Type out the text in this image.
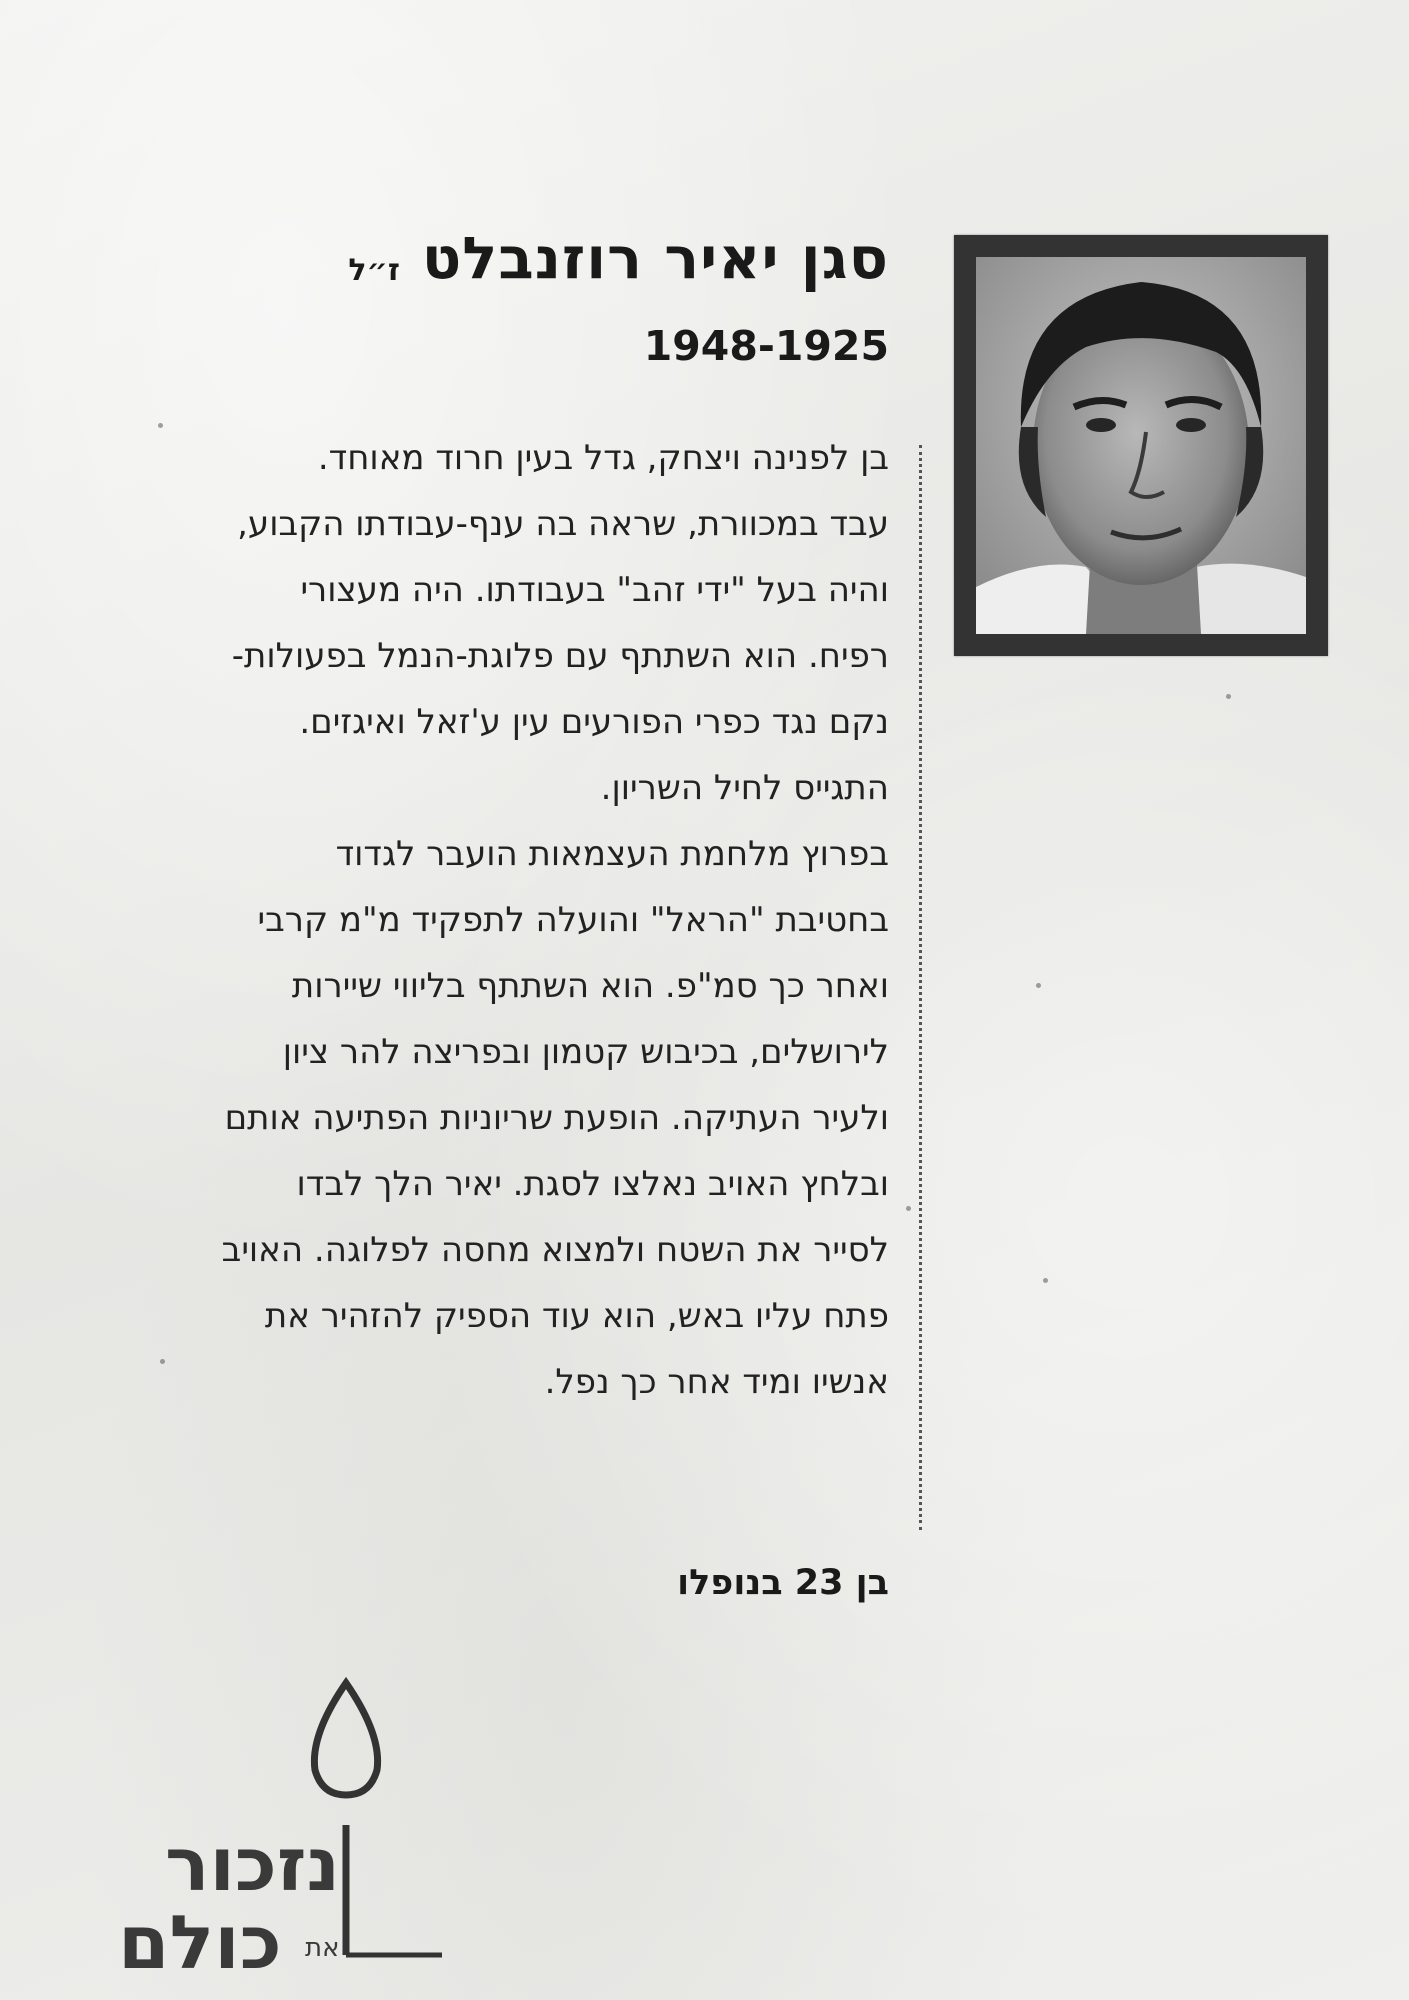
סגן יאיר רוזנבלט
ז״ל
1948-1925
בן לפנינה ויצחק, גדל בעין חרוד מאוחד.
עבד במכוורת, שראה בה ענף-עבודתו הקבוע,
והיה בעל "ידי זהב" בעבודתו. היה מעצורי
רפיח. הוא השתתף עם פלוגת-הנמל בפעולות-
נקם נגד כפרי הפורעים עין ע'זאל ואיגזים.
התגייס לחיל השריון.
בפרוץ מלחמת העצמאות הועבר לגדוד
בחטיבת "הראל" והועלה לתפקיד מ"מ קרבי
ואחר כך סמ"פ. הוא השתתף בליווי שיירות
לירושלים, בכיבוש קטמון ובפריצה להר ציון
ולעיר העתיקה. הופעת שריוניות הפתיעה אותם
ובלחץ האויב נאלצו לסגת. יאיר הלך לבדו
לסייר את השטח ולמצוא מחסה לפלוגה. האויב
פתח עליו באש, הוא עוד הספיק להזהיר את
אנשיו ומיד אחר כך נפל.
בן 23 בנופלו
נזכור
כולם את
